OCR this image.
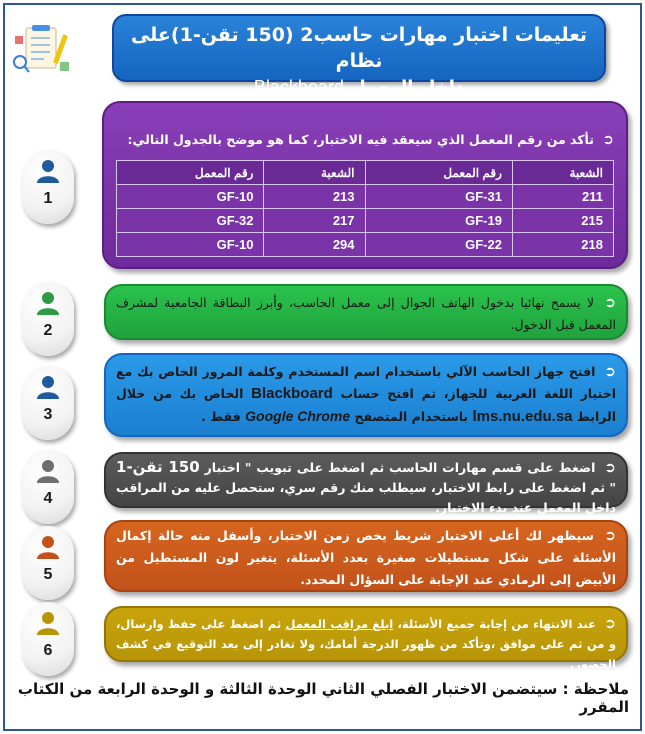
تعليمات اختبار مهارات حاسب2 (150 تقن-1)على نظام
داخل المعمل Blackboard
1
2
3
4
5
6
➲ تأكد من رقم المعمل الذي سيعقد فيه الاختبار، كما هو موضح بالجدول التالي:
الشعبة	رقم المعمل	الشعبة	رقم المعمل
211	GF-31	213	GF-10
215	GF-19	217	GF-32
218	GF-22	294	GF-10
➲ لا يسمح نهائيا بدخول الهاتف الجوال إلى معمل الحاسب، وأبرز البطاقة الجامعية لمشرف المعمل قبل الدخول.
➲ افتح جهاز الحاسب الآلي باستخدام اسم المستخدم وكلمة المرور الخاص بك مع اختيار اللغة العربية للجهاز، ثم افتح حساب Blackboard الخاص بك من خلال الرابط lms.nu.edu.sa باستخدام المتصفح Google Chrome فقط .
➲ اضغط على قسم مهارات الحاسب ثم اضغط على تبويب " اختبار 150 تقن-1 " ثم اضغط على رابط الاختبار، سيطلب منك رقم سري، ستحصل عليه من المراقب داخل المعمل عند بدء الاختبار.
➲ سيظهر لك أعلى الاختبار شريط يخص زمن الاختبار، وأسفل منه حالة إكمال الأسئلة على شكل مستطيلات صغيرة بعدد الأسئلة، يتغير لون المستطيل من الأبيض إلى الرمادي عند الإجابة على السؤال المحدد.
➲ عند الانتهاء من إجابة جميع الأسئلة، ابلغ مراقب المعمل ثم اضغط على حفظ وارسال، و من ثم على موافق ،وتأكد من ظهور الدرجة أمامك، ولا تغادر إلى بعد التوقيع في كشف الحضور.
ملاحظة : سيتضمن الاختبار الفصلي الثاني الوحدة الثالثة و الوحدة الرابعة من الكتاب المقرر
